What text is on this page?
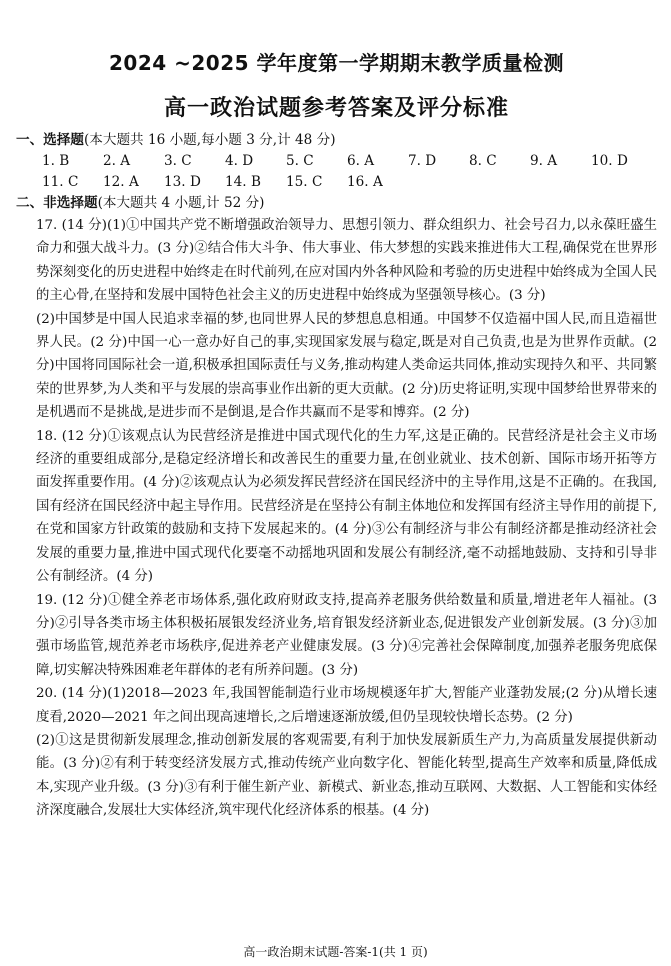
2024 ~2025 学年度第一学期期末教学质量检测
高一政治试题参考答案及评分标准

一、选择题(本大题共 16 小题,每小题 3 分,计 48 分)

1. B	2. A	3. C	4. D	5. C	6. A	7. D	8. C	9. A	10. D
11. C	12. A	13. D	14. B	15. C	16. A

二、非选择题(本大题共 4 小题,计 52 分)

17. (14 分)(1)①中国共产党不断增强政治领导力、思想引领力、群众组织力、社会号召力,以永葆旺盛生命力和强大战斗力。(3 分)②结合伟大斗争、伟大事业、伟大梦想的实践来推进伟大工程,确保党在世界形势深刻变化的历史进程中始终走在时代前列,在应对国内外各种风险和考验的历史进程中始终成为全国人民的主心骨,在坚持和发展中国特色社会主义的历史进程中始终成为坚强领导核心。(3 分)

(2)中国梦是中国人民追求幸福的梦,也同世界人民的梦想息息相通。中国梦不仅造福中国人民,而且造福世界人民。(2 分)中国一心一意办好自己的事,实现国家发展与稳定,既是对自己负责,也是为世界作贡献。(2 分)中国将同国际社会一道,积极承担国际责任与义务,推动构建人类命运共同体,推动实现持久和平、共同繁荣的世界梦,为人类和平与发展的崇高事业作出新的更大贡献。(2 分)历史将证明,实现中国梦给世界带来的是机遇而不是挑战,是进步而不是倒退,是合作共赢而不是零和博弈。(2 分)

18. (12 分)①该观点认为民营经济是推进中国式现代化的生力军,这是正确的。民营经济是社会主义市场经济的重要组成部分,是稳定经济增长和改善民生的重要力量,在创业就业、技术创新、国际市场开拓等方面发挥重要作用。(4 分)②该观点认为必须发挥民营经济在国民经济中的主导作用,这是不正确的。在我国,国有经济在国民经济中起主导作用。民营经济是在坚持公有制主体地位和发挥国有经济主导作用的前提下,在党和国家方针政策的鼓励和支持下发展起来的。(4 分)③公有制经济与非公有制经济都是推动经济社会发展的重要力量,推进中国式现代化要毫不动摇地巩固和发展公有制经济,毫不动摇地鼓励、支持和引导非公有制经济。(4 分)

19. (12 分)①健全养老市场体系,强化政府财政支持,提高养老服务供给数量和质量,增进老年人福祉。(3 分)②引导各类市场主体积极拓展银发经济业务,培育银发经济新业态,促进银发产业创新发展。(3 分)③加强市场监管,规范养老市场秩序,促进养老产业健康发展。(3 分)④完善社会保障制度,加强养老服务兜底保障,切实解决特殊困难老年群体的老有所养问题。(3 分)

20. (14 分)(1)2018—2023 年,我国智能制造行业市场规模逐年扩大,智能产业蓬勃发展;(2 分)从增长速度看,2020—2021 年之间出现高速增长,之后增速逐渐放缓,但仍呈现较快增长态势。(2 分)

(2)①这是贯彻新发展理念,推动创新发展的客观需要,有利于加快发展新质生产力,为高质量发展提供新动能。(3 分)②有利于转变经济发展方式,推动传统产业向数字化、智能化转型,提高生产效率和质量,降低成本,实现产业升级。(3 分)③有利于催生新产业、新模式、新业态,推动互联网、大数据、人工智能和实体经济深度融合,发展壮大实体经济,筑牢现代化经济体系的根基。(4 分)

高一政治期末试题-答案-1(共 1 页)
